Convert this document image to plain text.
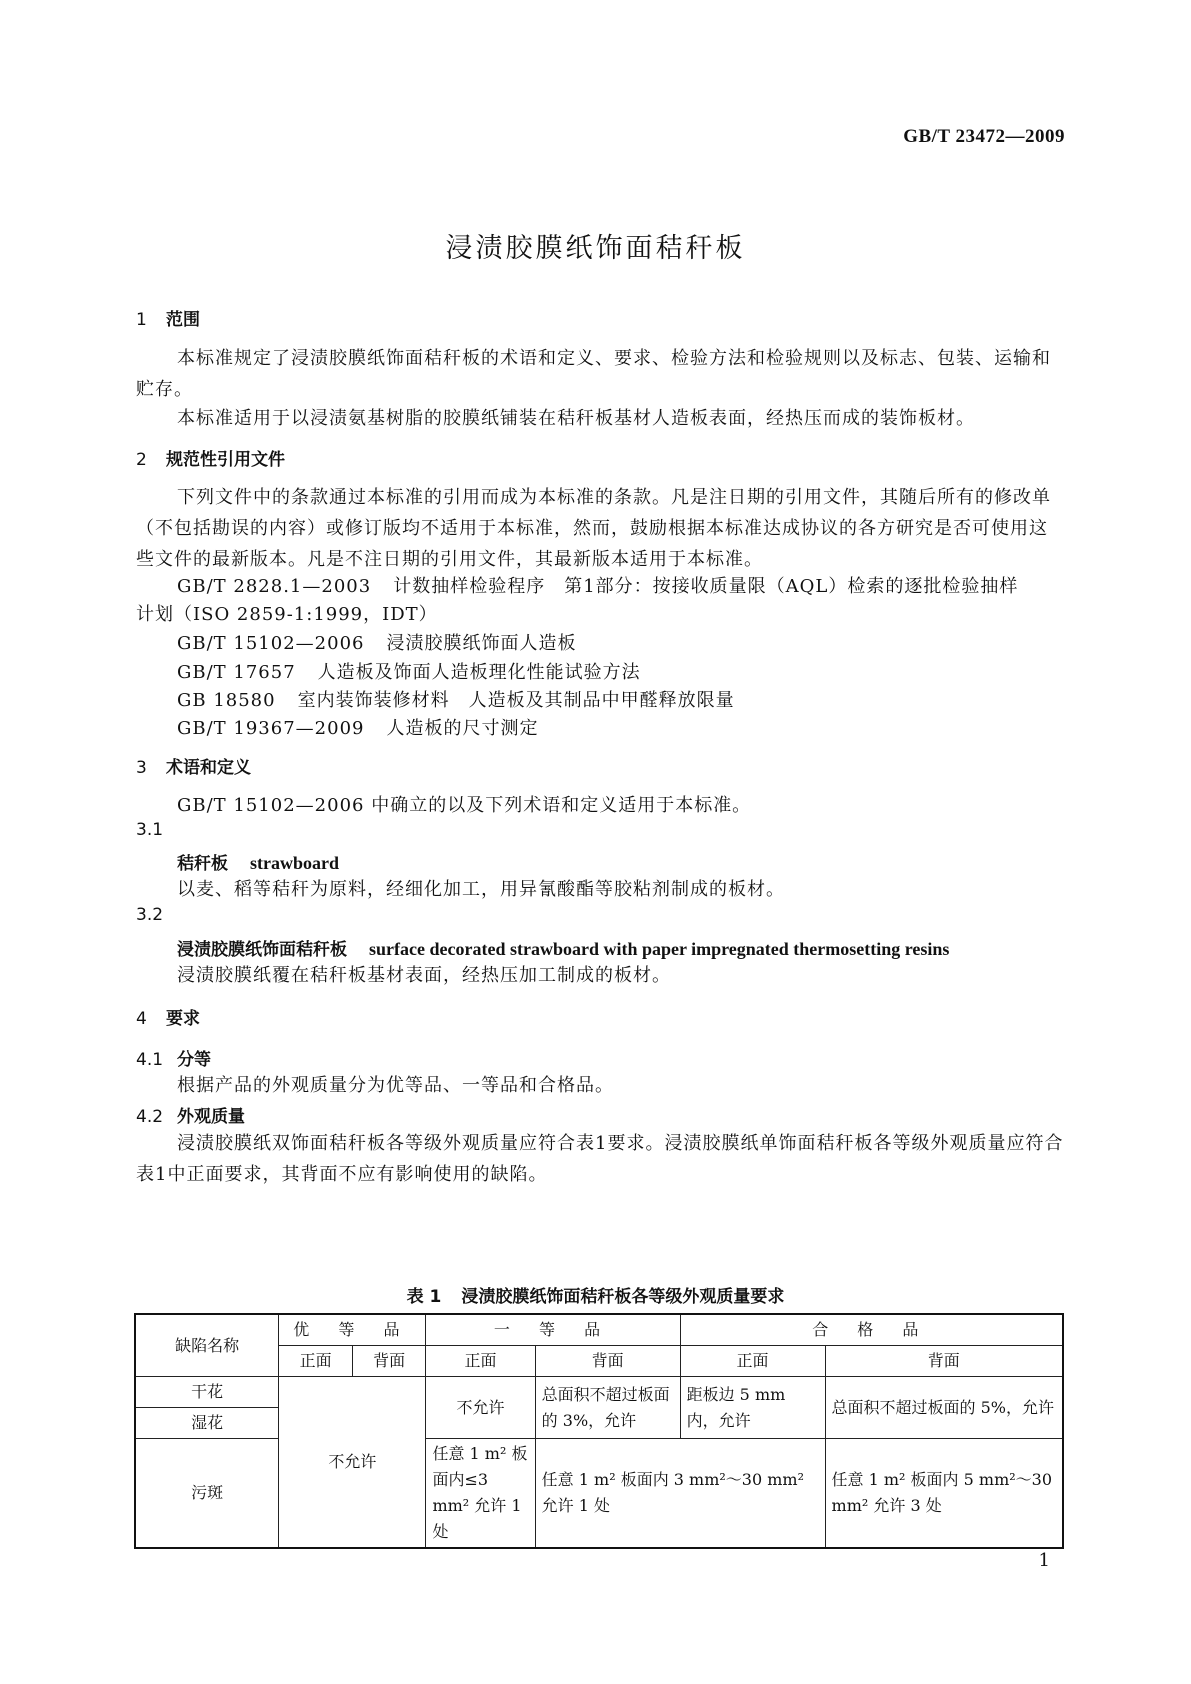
GB/T 23472—2009
浸渍胶膜纸饰面秸秆板
1 范围
本标准规定了浸渍胶膜纸饰面秸秆板的术语和定义、要求、检验方法和检验规则以及标志、包装、运输和贮存。
本标准适用于以浸渍氨基树脂的胶膜纸铺装在秸秆板基材人造板表面，经热压而成的装饰板材。
2 规范性引用文件
下列文件中的条款通过本标准的引用而成为本标准的条款。凡是注日期的引用文件，其随后所有的修改单（不包括勘误的内容）或修订版均不适用于本标准，然而，鼓励根据本标准达成协议的各方研究是否可使用这些文件的最新版本。凡是不注日期的引用文件，其最新版本适用于本标准。
GB/T 2828.1—2003 计数抽样检验程序　第1部分：按接收质量限（AQL）检索的逐批检验抽样
计划（ISO 2859-1:1999，IDT）
GB/T 15102—2006 浸渍胶膜纸饰面人造板
GB/T 17657 人造板及饰面人造板理化性能试验方法
GB 18580 室内装饰装修材料　人造板及其制品中甲醛释放限量
GB/T 19367—2009 人造板的尺寸测定
3 术语和定义
GB/T 15102—2006 中确立的以及下列术语和定义适用于本标准。
3.1
秸秆板 strawboard
以麦、稻等秸秆为原料，经细化加工，用异氰酸酯等胶粘剂制成的板材。
3.2
浸渍胶膜纸饰面秸秆板 surface decorated strawboard with paper impregnated thermosetting resins
浸渍胶膜纸覆在秸秆板基材表面，经热压加工制成的板材。
4 要求
4.1 分等
根据产品的外观质量分为优等品、一等品和合格品。
4.2 外观质量
浸渍胶膜纸双饰面秸秆板各等级外观质量应符合表1要求。浸渍胶膜纸单饰面秸秆板各等级外观质量应符合表1中正面要求，其背面不应有影响使用的缺陷。
表 1 浸渍胶膜纸饰面秸秆板各等级外观质量要求
缺陷名称	优 等 品		一 等 品		合 格 品	
	正面	背面	正面	背面	正面	背面
干花	不允许		不允许	总面积不超过板面的 3%，允许	距板边 5 mm 内，允许	总面积不超过板面的 5%，允许
湿花						
污斑			任意 1 m² 板面内≤3 mm² 允许 1 处	任意 1 m² 板面内 3 mm²～30 mm² 允许 1 处		任意 1 m² 板面内 5 mm²～30 mm² 允许 3 处
1
